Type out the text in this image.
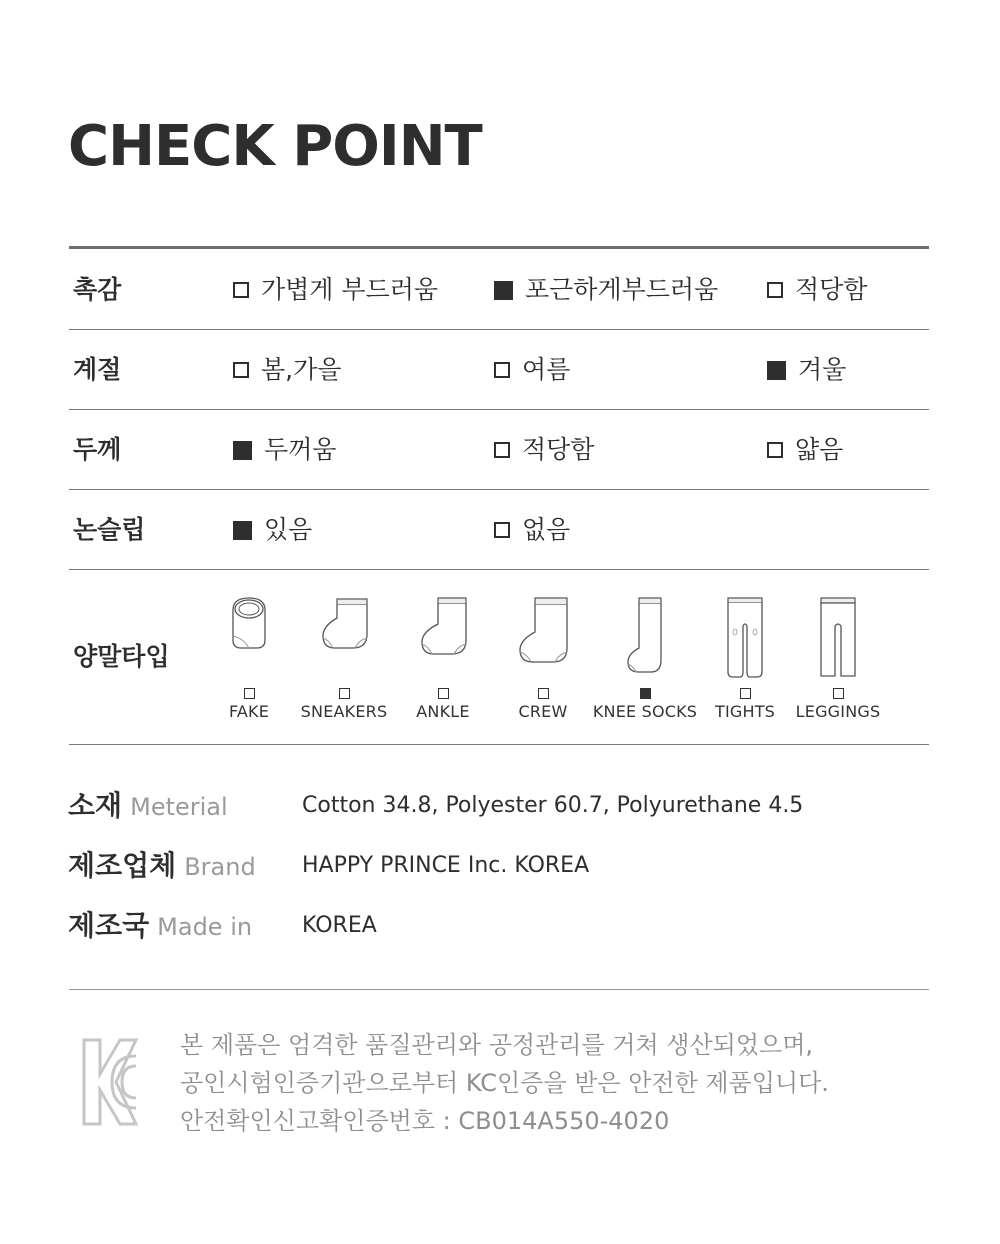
CHECK POINT
촉감	가볍게 부드러움	포근하게부드러움	적당함
계절	봄,가을	여름	겨울
두께	두꺼움	적당함	얇음
논슬립	있음	없음
양말타입
FAKE	SNEAKERS	ANKLE	CREW	KNEE SOCKS	TIGHTS	LEGGINGS
소재 Meterial	Cotton 34.8, Polyester 60.7, Polyurethane 4.5
제조업체 Brand HAPPY PRINCE Inc. KOREA
제조국 Made in KOREA
본 제품은 엄격한 품질관리와 공정관리를 거쳐 생산되었으며,
공인시험인증기관으로부터 KC인증을 받은 안전한 제품입니다.
안전확인신고확인증번호 : CB014A550-4020
